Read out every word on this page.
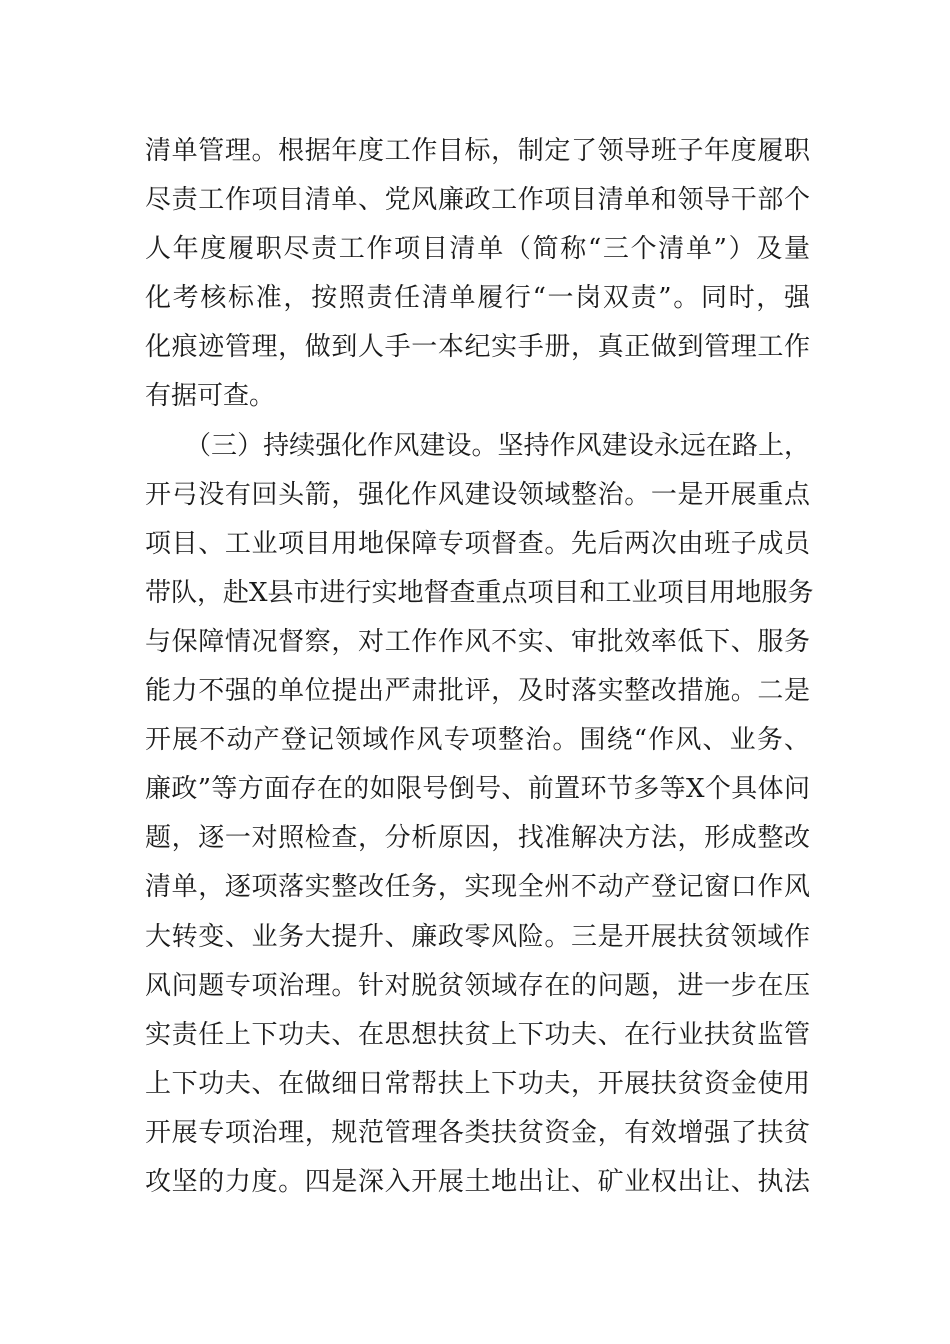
清单管理。根据年度工作目标，制定了领导班子年度履职
尽责工作项目清单、党风廉政工作项目清单和领导干部个
人年度履职尽责工作项目清单（简称“三个清单”）及量
化考核标准，按照责任清单履行“一岗双责”。同时，强
化痕迹管理，做到人手一本纪实手册，真正做到管理工作
有据可查。
（三）持续强化作风建设。坚持作风建设永远在路上，
开弓没有回头箭，强化作风建设领域整治。一是开展重点
项目、工业项目用地保障专项督查。先后两次由班子成员
带队，赴X县市进行实地督查重点项目和工业项目用地服务
与保障情况督察，对工作作风不实、审批效率低下、服务
能力不强的单位提出严肃批评，及时落实整改措施。二是
开展不动产登记领域作风专项整治。围绕“作风、业务、
廉政”等方面存在的如限号倒号、前置环节多等X个具体问
题，逐一对照检查，分析原因，找准解决方法，形成整改
清单，逐项落实整改任务，实现全州不动产登记窗口作风
大转变、业务大提升、廉政零风险。三是开展扶贫领域作
风问题专项治理。针对脱贫领域存在的问题，进一步在压
实责任上下功夫、在思想扶贫上下功夫、在行业扶贫监管
上下功夫、在做细日常帮扶上下功夫，开展扶贫资金使用
开展专项治理，规范管理各类扶贫资金，有效增强了扶贫
攻坚的力度。四是深入开展土地出让、矿业权出让、执法
